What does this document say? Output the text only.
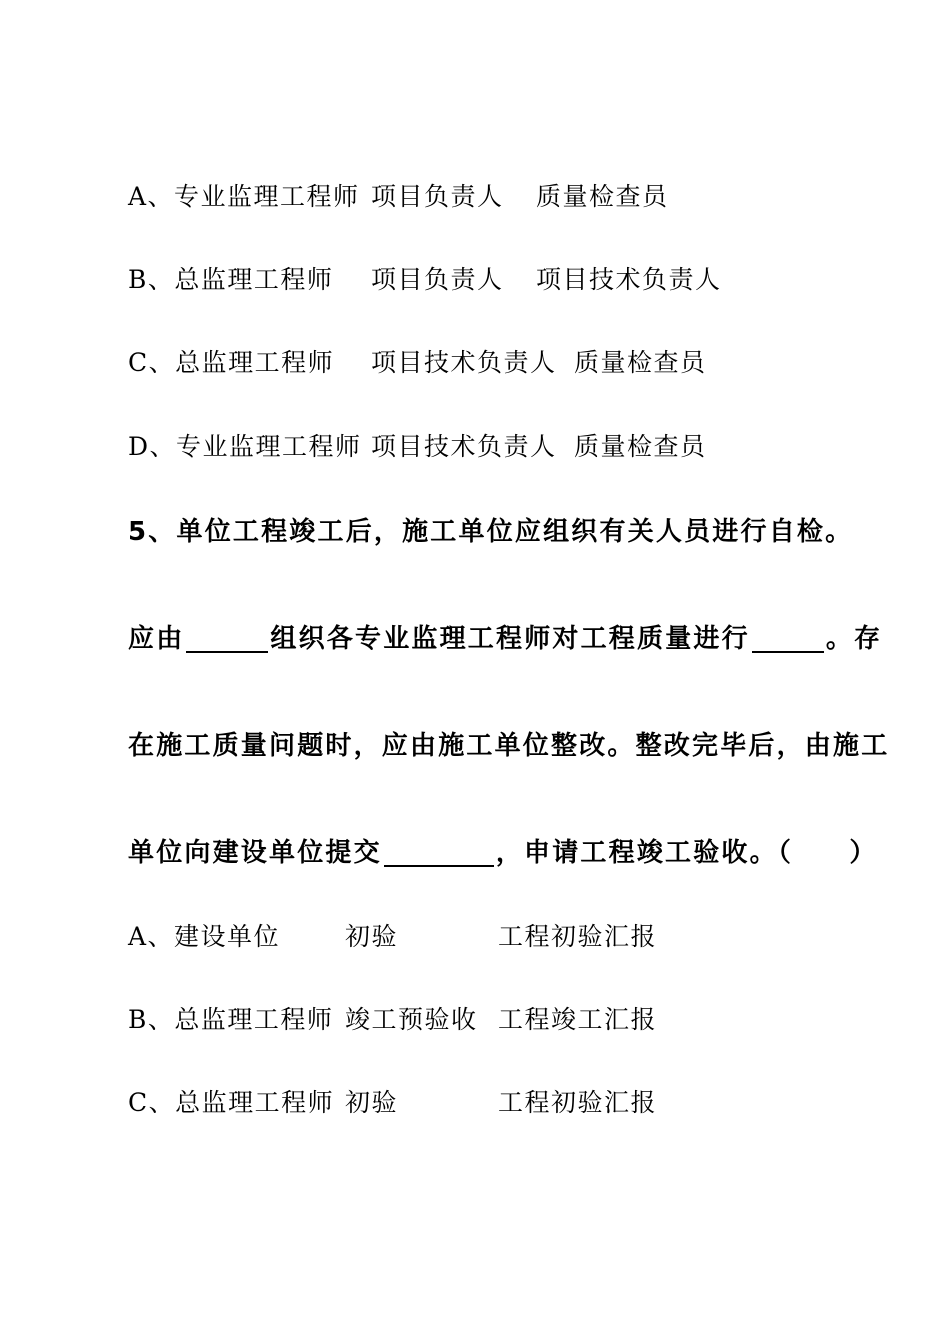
A、专业监理工程师 项目负责人 质量检查员
B、总监理工程师 项目负责人 项目技术负责人
C、总监理工程师 项目技术负责人 质量检查员
D、专业监理工程师 项目技术负责人 质量检查员
5、单位工程竣工后，施工单位应组织有关人员进行自检。
应由	组织各专业监理工程师对工程质量进行	。存
在施工质量问题时，应由施工单位整改。整改完毕后，由施工
单位向建设单位提交	，申请工程竣工验收。（　　）
A、建设单位	初验	工程初验汇报
B、总监理工程师 竣工预验收 工程竣工汇报
C、总监理工程师 初验	工程初验汇报
